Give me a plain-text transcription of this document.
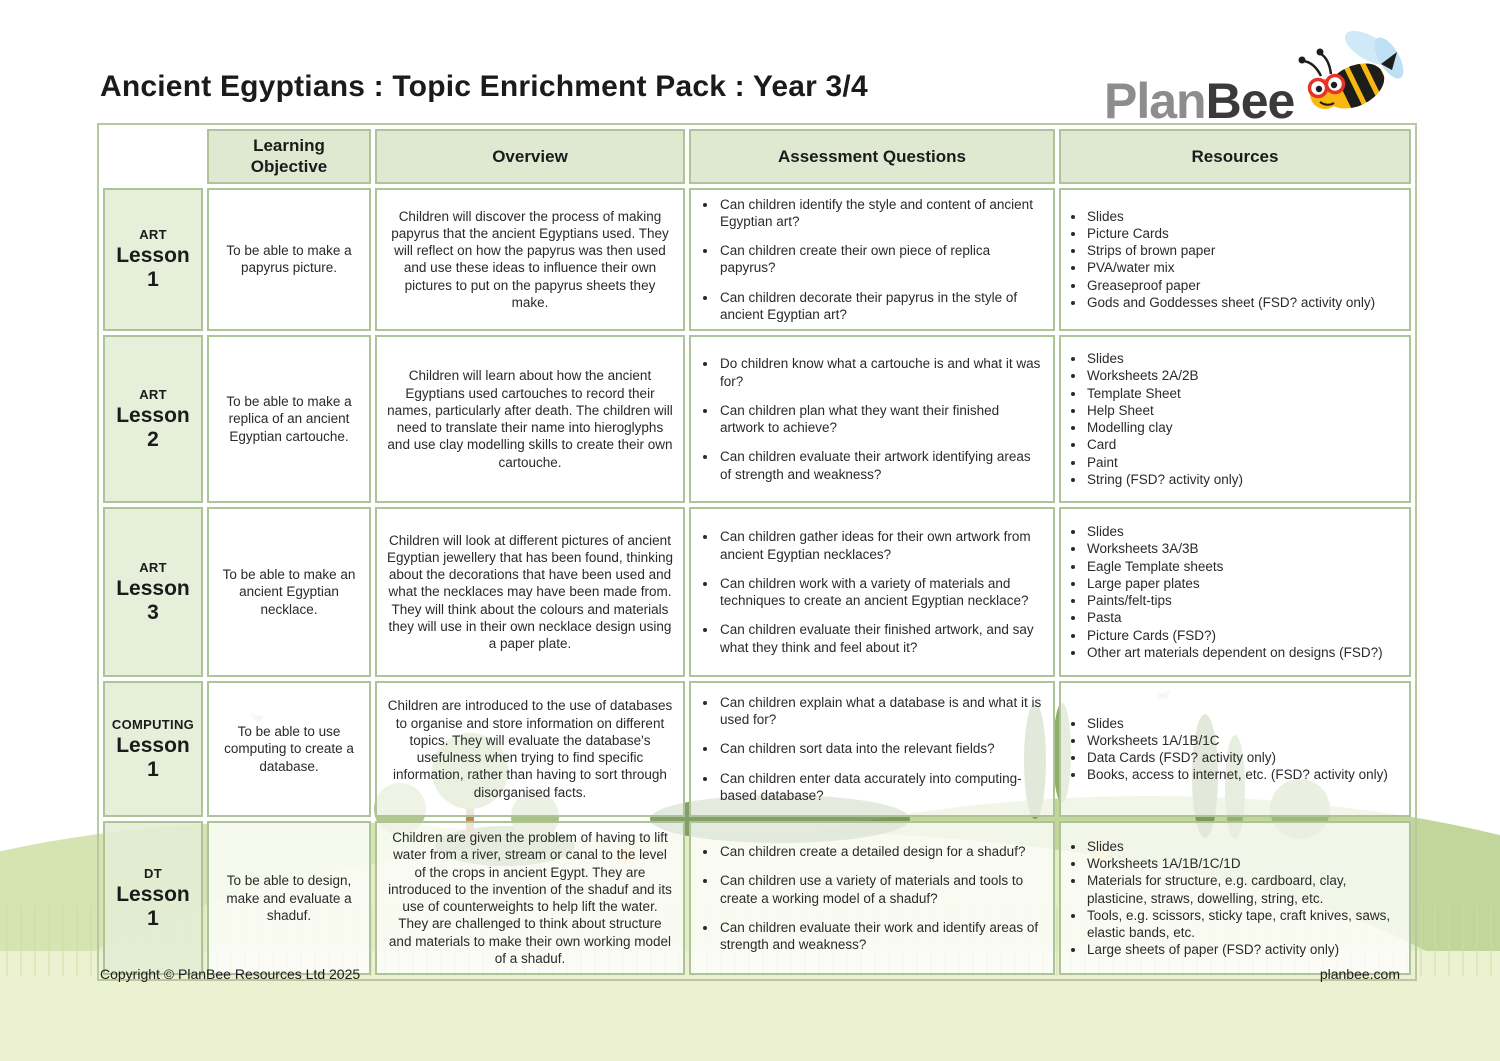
Ancient Egyptians : Topic Enrichment Pack : Year 3/4	PlanBee
	Learning Objective	Overview	Assessment Questions	Resources

ART
Lesson 1
	To be able to make a papyrus picture.	Children will discover the process of making papyrus that the ancient Egyptians used. They will reflect on how the papyrus was then used and use these ideas to influence their own pictures to put on the papyrus sheets they make.	
• Can children identify the style and content of ancient Egyptian art?
• Can children create their own piece of replica papyrus?
• Can children decorate their papyrus in the style of ancient Egyptian art?

• Slides
• Picture Cards
• Strips of brown paper
• PVA/water mix
• Greaseproof paper
• Gods and Goddesses sheet (FSD? activity only)

ART
Lesson 2
	To be able to make a replica of an ancient Egyptian cartouche.	Children will learn about how the ancient Egyptians used cartouches to record their names, particularly after death. The children will need to translate their name into hieroglyphs and use clay modelling skills to create their own cartouche.	
• Do children know what a cartouche is and what it was for?
• Can children plan what they want their finished artwork to achieve?
• Can children evaluate their artwork identifying areas of strength and weakness?

• Slides
• Worksheets 2A/2B
• Template Sheet
• Help Sheet
• Modelling clay
• Card
• Paint
• String (FSD? activity only)

ART
Lesson 3
	To be able to make an ancient Egyptian necklace.	Children will look at different pictures of ancient Egyptian jewellery that has been found, thinking about the decorations that have been used and what the necklaces may have been made from. They will think about the colours and materials they will use in their own necklace design using a paper plate.	
• Can children gather ideas for their own artwork from ancient Egyptian necklaces?
• Can children work with a variety of materials and techniques to create an ancient Egyptian necklace?
• Can children evaluate their finished artwork, and say what they think and feel about it?

• Slides
• Worksheets 3A/3B
• Eagle Template sheets
• Large paper plates
• Paints/felt-tips
• Pasta
• Picture Cards (FSD?)
• Other art materials dependent on designs (FSD?)

COMPUTING
Lesson 1
	To be able to use computing to create a database.	Children are introduced to the use of databases to organise and store information on different topics. They will evaluate the database's usefulness when trying to find specific information, rather than having to sort through disorganised facts.	
• Can children explain what a database is and what it is used for?
• Can children sort data into the relevant fields?
• Can children enter data accurately into computing-based database?

• Slides
• Worksheets 1A/1B/1C
• Data Cards (FSD? activity only)
• Books, access to internet, etc. (FSD? activity only)

DT
Lesson 1
	To be able to design, make and evaluate a shaduf.	Children are given the problem of having to lift water from a river, stream or canal to the level of the crops in ancient Egypt. They are introduced to the invention of the shaduf and its use of counterweights to help lift the water. They are challenged to think about structure and materials to make their own working model of a shaduf.	
• Can children create a detailed design for a shaduf?
• Can children use a variety of materials and tools to create a working model of a shaduf?
• Can children evaluate their work and identify areas of strength and weakness?

• Slides
• Worksheets 1A/1B/1C/1D
• Materials for structure, e.g. cardboard, clay, plasticine, straws, dowelling, string, etc.
• Tools, e.g. scissors, sticky tape, craft knives, saws, elastic bands, etc.
• Large sheets of paper (FSD? activity only)
Copyright © PlanBee Resources Ltd 2025	planbee.com
